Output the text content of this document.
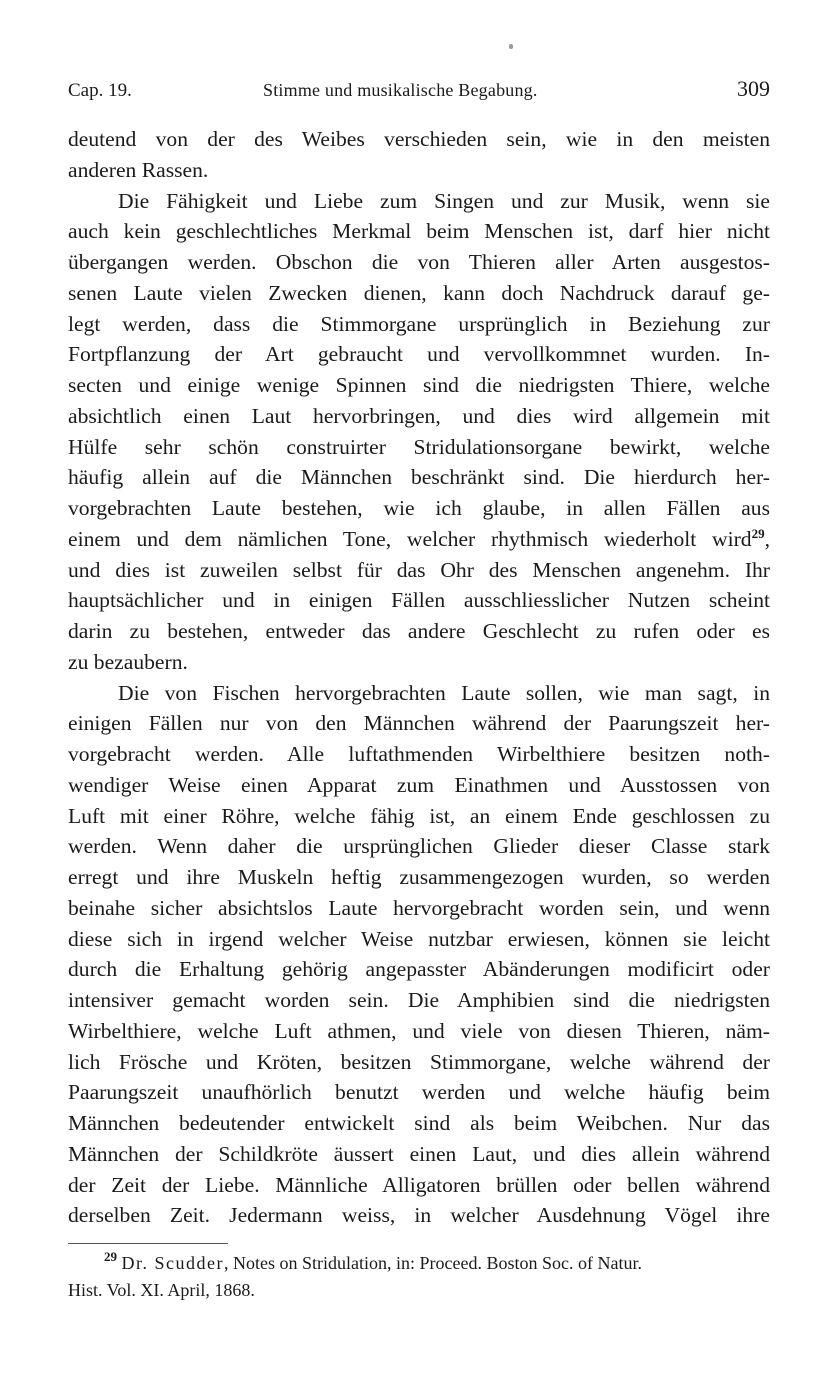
Cap. 19.	Stimme und musikalische Begabung.	309
deutend von der des Weibes verschieden sein, wie in den meisten
anderen Rassen.
Die Fähigkeit und Liebe zum Singen und zur Musik, wenn sie
auch kein geschlechtliches Merkmal beim Menschen ist, darf hier nicht
übergangen werden. Obschon die von Thieren aller Arten ausgestos-
senen Laute vielen Zwecken dienen, kann doch Nachdruck darauf ge-
legt werden, dass die Stimmorgane ursprünglich in Beziehung zur
Fortpflanzung der Art gebraucht und vervollkommnet wurden. In-
secten und einige wenige Spinnen sind die niedrigsten Thiere, welche
absichtlich einen Laut hervorbringen, und dies wird allgemein mit
Hülfe sehr schön construirter Stridulationsorgane bewirkt, welche
häufig allein auf die Männchen beschränkt sind. Die hierdurch her-
vorgebrachten Laute bestehen, wie ich glaube, in allen Fällen aus
einem und dem nämlichen Tone, welcher rhythmisch wiederholt wird$^{29}$,
und dies ist zuweilen selbst für das Ohr des Menschen angenehm. Ihr
hauptsächlicher und in einigen Fällen ausschliesslicher Nutzen scheint
darin zu bestehen, entweder das andere Geschlecht zu rufen oder es
zu bezaubern.
Die von Fischen hervorgebrachten Laute sollen, wie man sagt, in
einigen Fällen nur von den Männchen während der Paarungszeit her-
vorgebracht werden. Alle luftathmenden Wirbelthiere besitzen noth-
wendiger Weise einen Apparat zum Einathmen und Ausstossen von
Luft mit einer Röhre, welche fähig ist, an einem Ende geschlossen zu
werden. Wenn daher die ursprünglichen Glieder dieser Classe stark
erregt und ihre Muskeln heftig zusammengezogen wurden, so werden
beinahe sicher absichtslos Laute hervorgebracht worden sein, und wenn
diese sich in irgend welcher Weise nutzbar erwiesen, können sie leicht
durch die Erhaltung gehörig angepasster Abänderungen modificirt oder
intensiver gemacht worden sein. Die Amphibien sind die niedrigsten
Wirbelthiere, welche Luft athmen, und viele von diesen Thieren, näm-
lich Frösche und Kröten, besitzen Stimmorgane, welche während der
Paarungszeit unaufhörlich benutzt werden und welche häufig beim
Männchen bedeutender entwickelt sind als beim Weibchen. Nur das
Männchen der Schildkröte äussert einen Laut, und dies allein während
der Zeit der Liebe. Männliche Alligatoren brüllen oder bellen während
derselben Zeit. Jedermann weiss, in welcher Ausdehnung Vögel ihre
$^{29}$ Dr. Scudder, Notes on Stridulation, in: Proceed. Boston Soc. of Natur.
Hist. Vol. XI. April, 1868.
